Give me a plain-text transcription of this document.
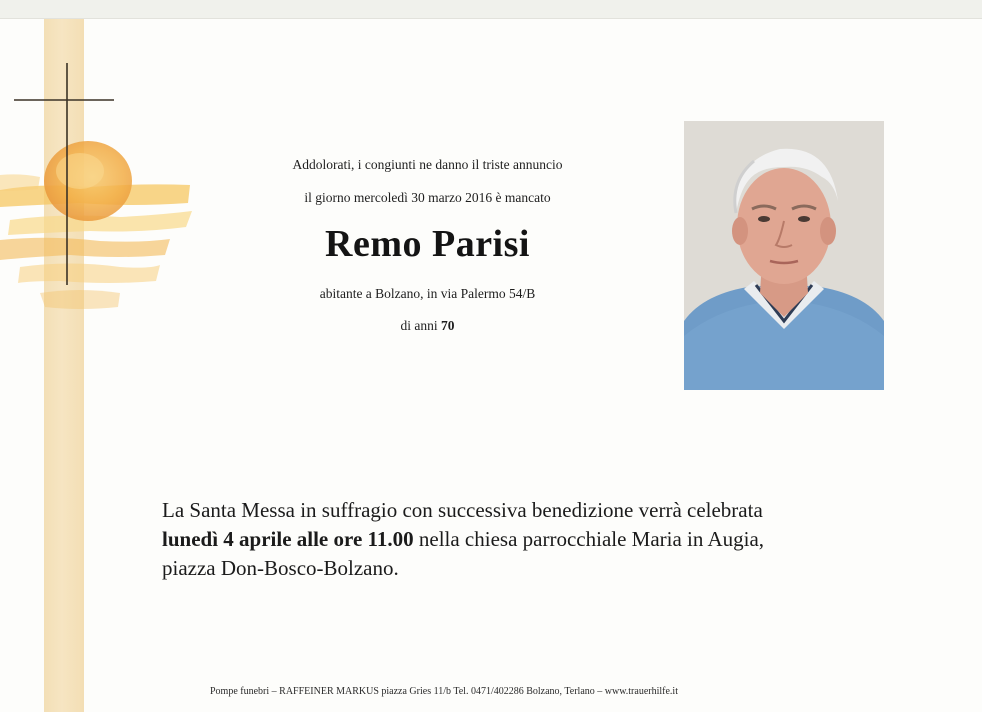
Addolorati, i congiunti ne danno il triste annuncio
il giorno mercoledì 30 marzo 2016 è mancato
Remo Parisi
abitante a Bolzano, in via Palermo 54/B
di anni 70
La Santa Messa in suffragio con successiva benedizione verrà celebrata
lunedì 4 aprile alle ore 11.00 nella chiesa parrocchiale Maria in Augia,
piazza Don-Bosco-Bolzano.
Pompe funebri – RAFFEINER MARKUS piazza Gries 11/b Tel. 0471/402286 Bolzano, Terlano – www.trauerhilfe.it
